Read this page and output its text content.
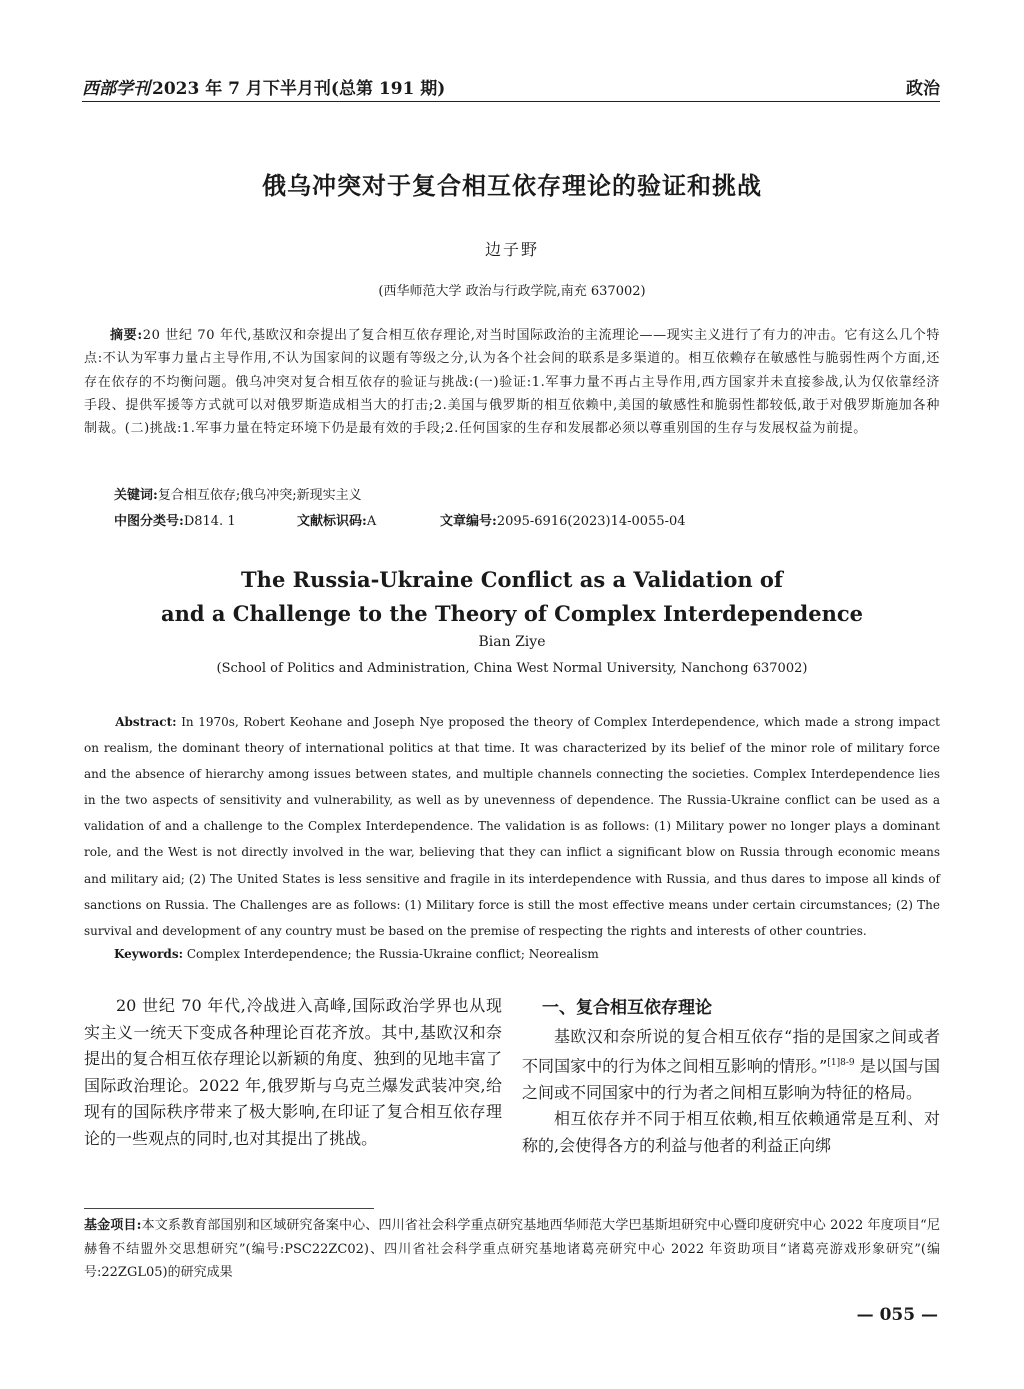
西部学刊 2023 年 7 月下半月刊(总第 191 期)	政治
俄乌冲突对于复合相互依存理论的验证和挑战
边子野
(西华师范大学 政治与行政学院,南充 637002)
摘要:20 世纪 70 年代,基欧汉和奈提出了复合相互依存理论,对当时国际政治的主流理论——现实主义进行了有力的冲击。它有这么几个特点:不认为军事力量占主导作用,不认为国家间的议题有等级之分,认为各个社会间的联系是多渠道的。相互依赖存在敏感性与脆弱性两个方面,还存在依存的不均衡问题。俄乌冲突对复合相互依存的验证与挑战:(一)验证:1.军事力量不再占主导作用,西方国家并未直接参战,认为仅依靠经济手段、提供军援等方式就可以对俄罗斯造成相当大的打击;2.美国与俄罗斯的相互依赖中,美国的敏感性和脆弱性都较低,敢于对俄罗斯施加各种制裁。(二)挑战:1.军事力量在特定环境下仍是最有效的手段;2.任何国家的生存和发展都必须以尊重别国的生存与发展权益为前提。
关键词:复合相互依存;俄乌冲突;新现实主义
中图分类号:D814. 1	文献标识码:A	文章编号:2095-6916(2023)14-0055-04
The Russia-Ukraine Conflict as a Validation of
and a Challenge to the Theory of Complex Interdependence
Bian Ziye
(School of Politics and Administration, China West Normal University, Nanchong 637002)
Abstract: In 1970s, Robert Keohane and Joseph Nye proposed the theory of Complex Interdependence, which made a strong impact on realism, the dominant theory of international politics at that time. It was characterized by its belief of the minor role of military force and the absence of hierarchy among issues between states, and multiple channels connecting the societies. Complex Interdependence lies in the two aspects of sensitivity and vulnerability, as well as by unevenness of dependence. The Russia-Ukraine conflict can be used as a validation of and a challenge to the Complex Interdependence. The validation is as follows: (1) Military power no longer plays a dominant role, and the West is not directly involved in the war, believing that they can inflict a significant blow on Russia through economic means and military aid; (2) The United States is less sensitive and fragile in its interdependence with Russia, and thus dares to impose all kinds of sanctions on Russia. The Challenges are as follows: (1) Military force is still the most effective means under certain circumstances; (2) The survival and development of any country must be based on the premise of respecting the rights and interests of other countries.
Keywords: Complex Interdependence; the Russia-Ukraine conflict; Neorealism

20 世纪 70 年代,冷战进入高峰,国际政治学界也从现实主义一统天下变成各种理论百花齐放。其中,基欧汉和奈提出的复合相互依存理论以新颖的角度、独到的见地丰富了国际政治理论。2022 年,俄罗斯与乌克兰爆发武装冲突,给现有的国际秩序带来了极大影响,在印证了复合相互依存理论的一些观点的同时,也对其提出了挑战。

一、复合相互依存理论

基欧汉和奈所说的复合相互依存“指的是国家之间或者不同国家中的行为体之间相互影响的情形。”$^{[1]8-9}$ 是以国与国之间或不同国家中的行为者之间相互影响为特征的格局。

相互依存并不同于相互依赖,相互依赖通常是互利、对称的,会使得各方的利益与他者的利益正向绑

基金项目:本文系教育部国别和区域研究备案中心、四川省社会科学重点研究基地西华师范大学巴基斯坦研究中心暨印度研究中心 2022 年度项目“尼赫鲁不结盟外交思想研究”(编号:PSC22ZC02)、四川省社会科学重点研究基地诸葛亮研究中心 2022 年资助项目“诸葛亮游戏形象研究”(编号:22ZGL05)的研究成果
— 055 —
